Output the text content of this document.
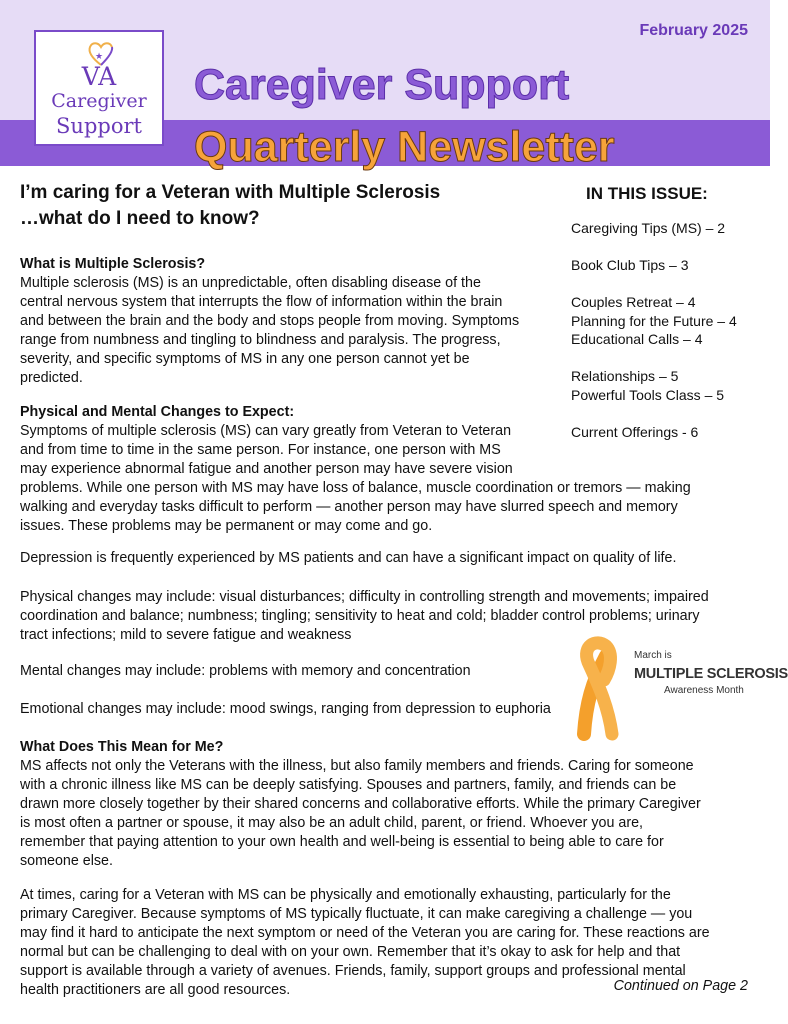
February 2025
★
VA
Caregiver
Support
Caregiver Support
Quarterly Newsletter
I’m caring for a Veteran with Multiple Sclerosis
…what do I need to know?
IN THIS ISSUE:
Caregiving Tips (MS) – 2
Book Club Tips – 3
Couples Retreat – 4
Planning for the Future – 4
Educational Calls – 4
Relationships – 5
Powerful Tools Class – 5
Current Offerings - 6
What is Multiple Sclerosis?
Multiple sclerosis (MS) is an unpredictable, often disabling disease of the
central nervous system that interrupts the flow of information within the brain
and between the brain and the body and stops people from moving. Symptoms
range from numbness and tingling to blindness and paralysis. The progress,
severity, and specific symptoms of MS in any one person cannot yet be
predicted.
Physical and Mental Changes to Expect:
Symptoms of multiple sclerosis (MS) can vary greatly from Veteran to Veteran
and from time to time in the same person. For instance, one person with MS
may experience abnormal fatigue and another person may have severe vision
problems. While one person with MS may have loss of balance, muscle coordination or tremors — making
walking and everyday tasks difficult to perform — another person may have slurred speech and memory
issues. These problems may be permanent or may come and go.
Depression is frequently experienced by MS patients and can have a significant impact on quality of life.
Physical changes may include: visual disturbances; difficulty in controlling strength and movements; impaired
coordination and balance; numbness; tingling; sensitivity to heat and cold; bladder control problems; urinary
tract infections; mild to severe fatigue and weakness
Mental changes may include: problems with memory and concentration
Emotional changes may include: mood swings, ranging from depression to euphoria
March is
MULTIPLE SCLEROSIS
Awareness Month
What Does This Mean for Me?
MS affects not only the Veterans with the illness, but also family members and friends. Caring for someone
with a chronic illness like MS can be deeply satisfying. Spouses and partners, family, and friends can be
drawn more closely together by their shared concerns and collaborative efforts. While the primary Caregiver
is most often a partner or spouse, it may also be an adult child, parent, or friend. Whoever you are,
remember that paying attention to your own health and well-being is essential to being able to care for
someone else.
At times, caring for a Veteran with MS can be physically and emotionally exhausting, particularly for the
primary Caregiver. Because symptoms of MS typically fluctuate, it can make caregiving a challenge — you
may find it hard to anticipate the next symptom or need of the Veteran you are caring for. These reactions are
normal but can be challenging to deal with on your own. Remember that it’s okay to ask for help and that
support is available through a variety of avenues. Friends, family, support groups and professional mental
health practitioners are all good resources.	Continued on Page 2
